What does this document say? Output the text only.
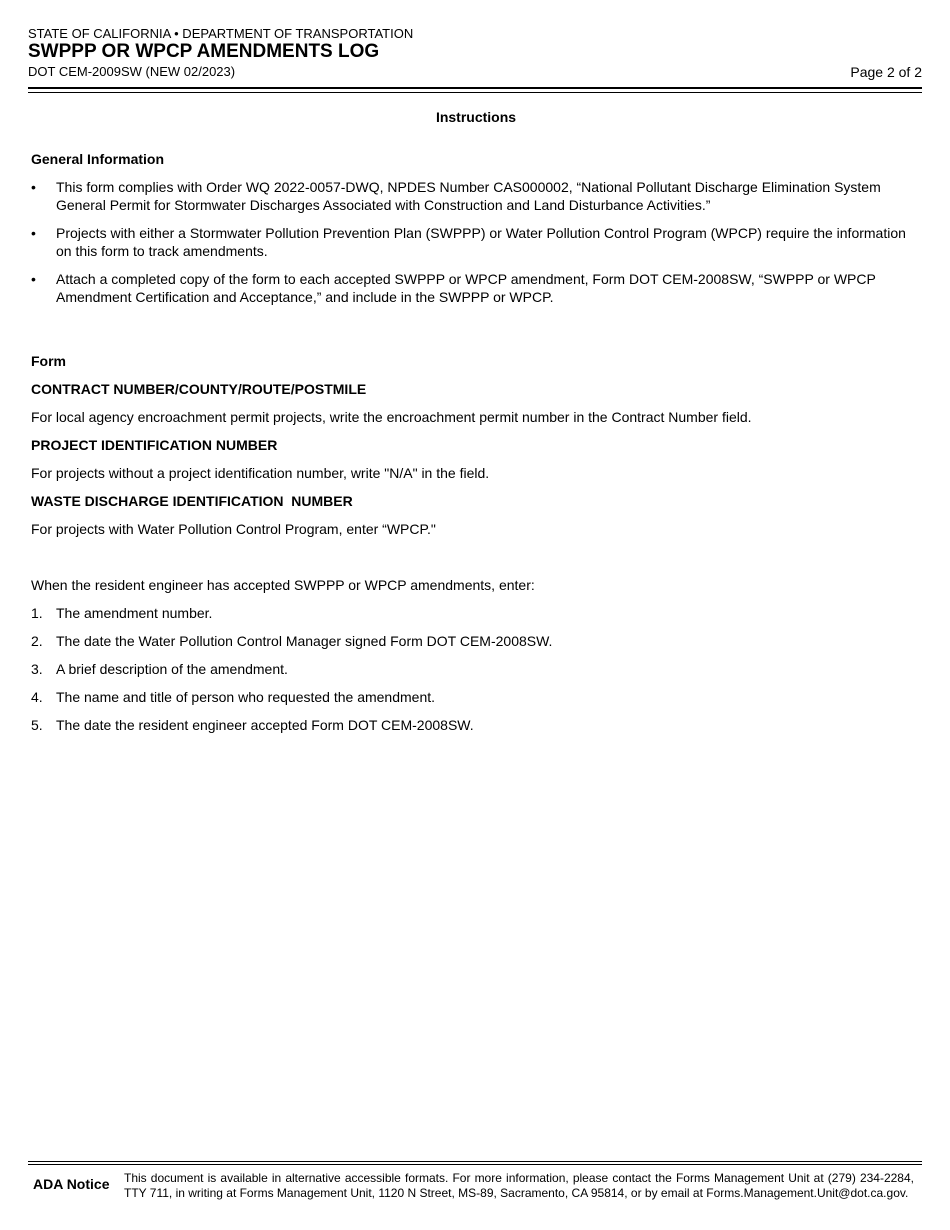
STATE OF CALIFORNIA • DEPARTMENT OF TRANSPORTATION
SWPPP OR WPCP AMENDMENTS LOG
DOT CEM-2009SW (NEW 02/2023)	Page 2 of 2
Instructions
General Information
• This form complies with Order WQ 2022-0057-DWQ, NPDES Number CAS000002, “National Pollutant Discharge Elimination System General Permit for Stormwater Discharges Associated with Construction and Land Disturbance Activities.”
• Projects with either a Stormwater Pollution Prevention Plan (SWPPP) or Water Pollution Control Program (WPCP) require the information on this form to track amendments.
• Attach a completed copy of the form to each accepted SWPPP or WPCP amendment, Form DOT CEM-2008SW, “SWPPP or WPCP Amendment Certification and Acceptance,” and include in the SWPPP or WPCP.
Form
CONTRACT NUMBER/COUNTY/ROUTE/POSTMILE
For local agency encroachment permit projects, write the encroachment permit number in the Contract Number field.
PROJECT IDENTIFICATION NUMBER
For projects without a project identification number, write "N/A" in the field.
WASTE DISCHARGE IDENTIFICATION  NUMBER
For projects with Water Pollution Control Program, enter “WPCP."
When the resident engineer has accepted SWPPP or WPCP amendments, enter:
1. The amendment number.
2. The date the Water Pollution Control Manager signed Form DOT CEM-2008SW.
3. A brief description of the amendment.
4. The name and title of person who requested the amendment.
5. The date the resident engineer accepted Form DOT CEM-2008SW.
ADA Notice This document is available in alternative accessible formats. For more information, please contact the Forms Management Unit at (279) 234-2284, TTY 711, in writing at Forms Management Unit, 1120 N Street, MS-89, Sacramento, CA 95814, or by email at Forms.Management.Unit@dot.ca.gov.
